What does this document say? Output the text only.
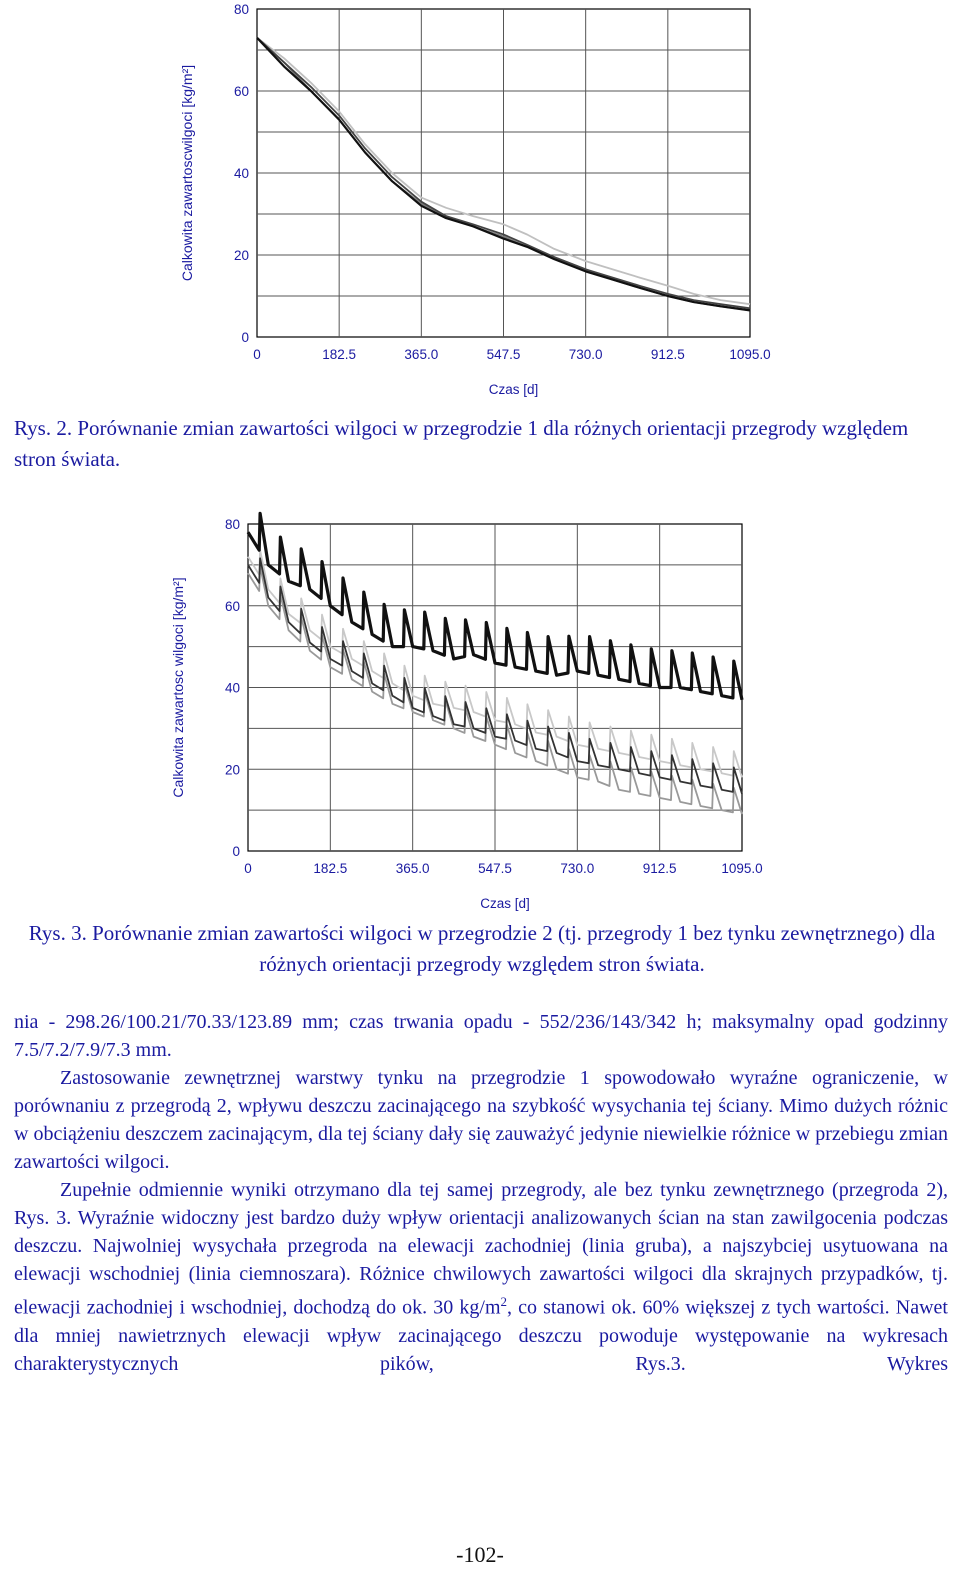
0	182.5	365.0	547.5	730.0	912.5	1095.0
0
20
40
60
80
Czas [d]
Calkowita zawartoscwilgoci [kg/m²]

Rys. 2. Porównanie zmian zawartości wilgoci w przegrodzie 1 dla różnych orientacji przegrody względem stron świata.

0	182.5	365.0	547.5	730.0	912.5	1095.0
0
20
40
60
80
Czas [d]
Calkowita zawartosc wilgoci [kg/m²]

Rys. 3. Porównanie zmian zawartości wilgoci w przegrodzie 2 (tj. przegrody 1 bez tynku zewnętrznego) dla różnych orientacji przegrody względem stron świata.

nia - 298.26/100.21/70.33/123.89 mm; czas trwania opadu - 552/236/143/342 h; maksymalny opad godzinny 7.5/7.2/7.9/7.3 mm.

Zastosowanie zewnętrznej warstwy tynku na przegrodzie 1 spowodowało wyraźne ograniczenie, w porównaniu z przegrodą 2, wpływu deszczu zacinającego na szybkość wysychania tej ściany. Mimo dużych różnic w obciążeniu deszczem zacinającym, dla tej ściany dały się zauważyć jedynie niewielkie różnice w przebiegu zmian zawartości wilgoci.

Zupełnie odmiennie wyniki otrzymano dla tej samej przegrody, ale bez tynku zewnętrznego (przegroda 2), Rys. 3. Wyraźnie widoczny jest bardzo duży wpływ orientacji analizowanych ścian na stan zawilgocenia podczas deszczu. Najwolniej wysychała przegroda na elewacji zachodniej (linia gruba), a najszybciej usytuowana na elewacji wschodniej (linia ciemnoszara). Różnice chwilowych zawartości wilgoci dla skrajnych przypadków, tj. elewacji zachodniej i wschodniej, dochodzą do ok. 30 $kg/m^2$, co stanowi ok. 60% większej z tych wartości. Nawet dla mniej nawietrznych elewacji wpływ zacinającego deszczu powoduje występowanie na wykresach charakterystycznych pików, Rys.3. Wykres

-102-
